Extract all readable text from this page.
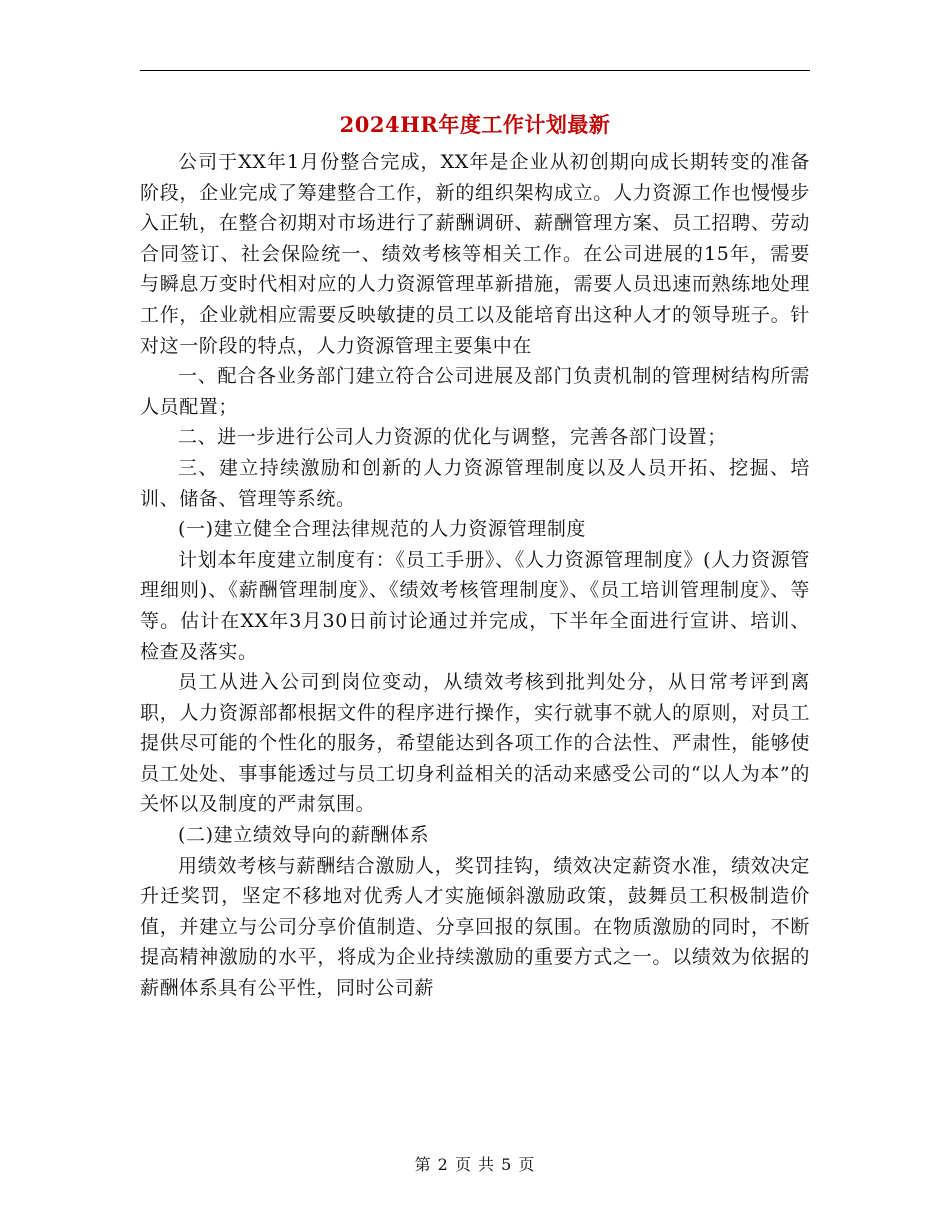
2024HR年度工作计划最新

公司于XX年1月份整合完成，XX年是企业从初创期向成长期转变的准备阶段，企业完成了筹建整合工作，新的组织架构成立。人力资源工作也慢慢步入正轨，在整合初期对市场进行了薪酬调研、薪酬管理方案、员工招聘、劳动合同签订、社会保险统一、绩效考核等相关工作。在公司进展的15年，需要与瞬息万变时代相对应的人力资源管理革新措施，需要人员迅速而熟练地处理工作，企业就相应需要反映敏捷的员工以及能培育出这种人才的领导班子。针对这一阶段的特点，人力资源管理主要集中在

一、配合各业务部门建立符合公司进展及部门负责机制的管理树结构所需人员配置；

二、进一步进行公司人力资源的优化与调整，完善各部门设置；

三、建立持续激励和创新的人力资源管理制度以及人员开拓、挖掘、培训、储备、管理等系统。

(一)建立健全合理法律规范的人力资源管理制度

计划本年度建立制度有：《员工手册》、《人力资源管理制度》(人力资源管理细则)、《薪酬管理制度》、《绩效考核管理制度》、《员工培训管理制度》、等等。估计在XX年3月30日前讨论通过并完成，下半年全面进行宣讲、培训、检查及落实。

员工从进入公司到岗位变动，从绩效考核到批判处分，从日常考评到离职，人力资源部都根据文件的程序进行操作，实行就事不就人的原则，对员工提供尽可能的个性化的服务，希望能达到各项工作的合法性、严肃性，能够使员工处处、事事能透过与员工切身利益相关的活动来感受公司的“以人为本”的关怀以及制度的严肃氛围。

(二)建立绩效导向的薪酬体系

用绩效考核与薪酬结合激励人，奖罚挂钩，绩效决定薪资水准，绩效决定升迁奖罚，坚定不移地对优秀人才实施倾斜激励政策，鼓舞员工积极制造价值，并建立与公司分享价值制造、分享回报的氛围。在物质激励的同时，不断提高精神激励的水平，将成为企业持续激励的重要方式之一。以绩效为依据的薪酬体系具有公平性，同时公司薪

第 2 页 共 5 页
